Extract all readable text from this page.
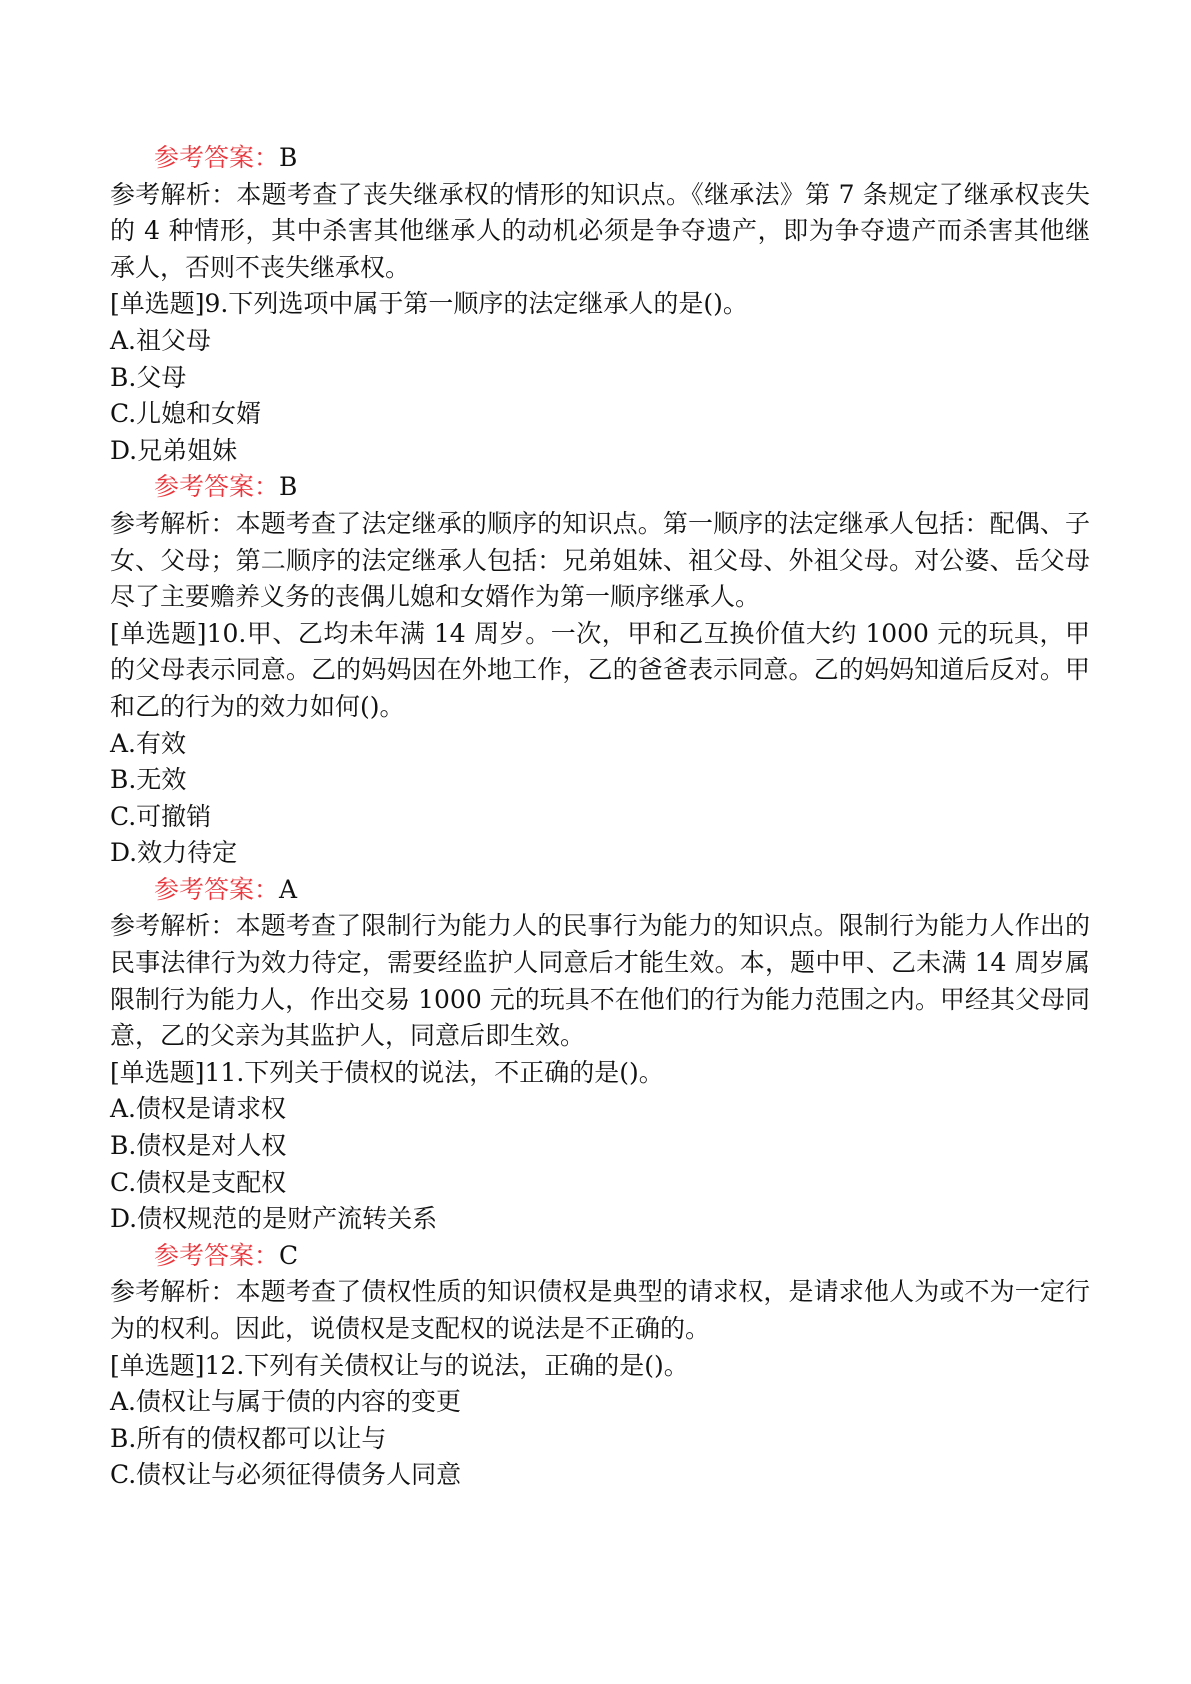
参考答案：B

参考解析：本题考查了丧失继承权的情形的知识点。《继承法》第 7 条规定了继承权丧失的 4 种情形，其中杀害其他继承人的动机必须是争夺遗产，即为争夺遗产而杀害其他继承人，否则不丧失继承权。

[单选题]9.下列选项中属于第一顺序的法定继承人的是()。

A.祖父母

B.父母

C.儿媳和女婿

D.兄弟姐妹

参考答案：B

参考解析：本题考查了法定继承的顺序的知识点。第一顺序的法定继承人包括：配偶、子女、父母；第二顺序的法定继承人包括：兄弟姐妹、祖父母、外祖父母。对公婆、岳父母尽了主要赡养义务的丧偶儿媳和女婿作为第一顺序继承人。

[单选题]10.甲、乙均未年满 14 周岁。一次，甲和乙互换价值大约 1000 元的玩具，甲的父母表示同意。乙的妈妈因在外地工作，乙的爸爸表示同意。乙的妈妈知道后反对。甲和乙的行为的效力如何()。

A.有效

B.无效

C.可撤销

D.效力待定

参考答案：A

参考解析：本题考查了限制行为能力人的民事行为能力的知识点。限制行为能力人作出的民事法律行为效力待定，需要经监护人同意后才能生效。本，题中甲、乙未满 14 周岁属限制行为能力人，作出交易 1000 元的玩具不在他们的行为能力范围之内。甲经其父母同意，乙的父亲为其监护人，同意后即生效。

[单选题]11.下列关于债权的说法，不正确的是()。

A.债权是请求权

B.债权是对人权

C.债权是支配权

D.债权规范的是财产流转关系

参考答案：C

参考解析：本题考查了债权性质的知识债权是典型的请求权，是请求他人为或不为一定行为的权利。因此，说债权是支配权的说法是不正确的。

[单选题]12.下列有关债权让与的说法，正确的是()。

A.债权让与属于债的内容的变更

B.所有的债权都可以让与

C.债权让与必须征得债务人同意
